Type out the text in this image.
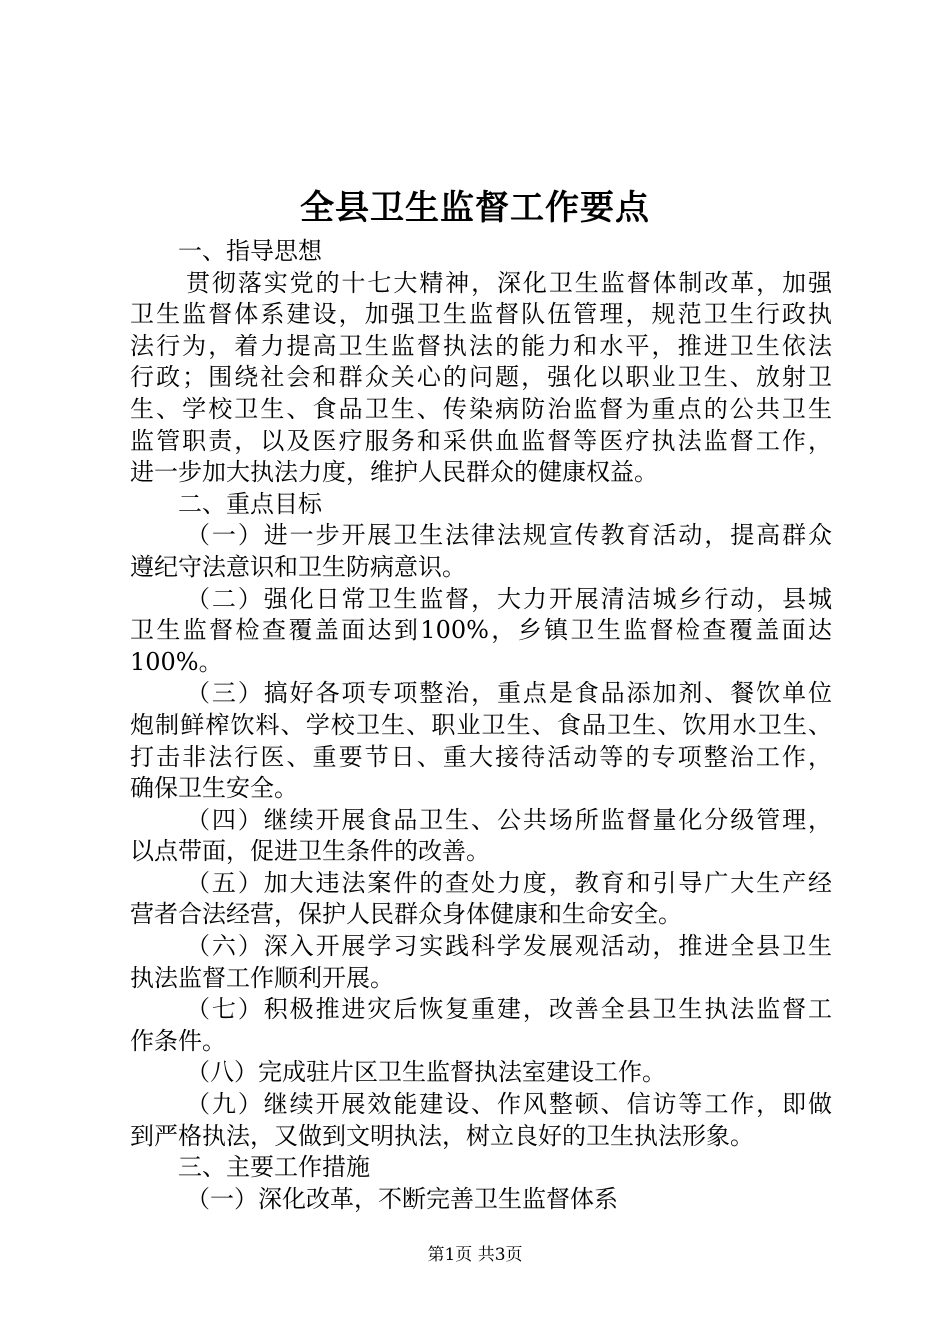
全县卫生监督工作要点
一、指导思想
贯彻落实党的十七大精神，深化卫生监督体制改革，加强
卫生监督体系建设，加强卫生监督队伍管理，规范卫生行政执
法行为，着力提高卫生监督执法的能力和水平，推进卫生依法
行政；围绕社会和群众关心的问题，强化以职业卫生、放射卫
生、学校卫生、食品卫生、传染病防治监督为重点的公共卫生
监管职责，以及医疗服务和采供血监督等医疗执法监督工作，
进一步加大执法力度，维护人民群众的健康权益。
二、重点目标
（一）进一步开展卫生法律法规宣传教育活动，提高群众
遵纪守法意识和卫生防病意识。
（二）强化日常卫生监督，大力开展清洁城乡行动，县城
卫生监督检查覆盖面达到100%，乡镇卫生监督检查覆盖面达
100%。
（三）搞好各项专项整治，重点是食品添加剂、餐饮单位
炮制鲜榨饮料、学校卫生、职业卫生、食品卫生、饮用水卫生、
打击非法行医、重要节日、重大接待活动等的专项整治工作，
确保卫生安全。
（四）继续开展食品卫生、公共场所监督量化分级管理，
以点带面，促进卫生条件的改善。
（五）加大违法案件的查处力度，教育和引导广大生产经
营者合法经营，保护人民群众身体健康和生命安全。
（六）深入开展学习实践科学发展观活动，推进全县卫生
执法监督工作顺利开展。
（七）积极推进灾后恢复重建，改善全县卫生执法监督工
作条件。
（八）完成驻片区卫生监督执法室建设工作。
（九）继续开展效能建设、作风整顿、信访等工作，即做
到严格执法，又做到文明执法，树立良好的卫生执法形象。
三、主要工作措施
（一）深化改革，不断完善卫生监督体系
第1页 共3页
